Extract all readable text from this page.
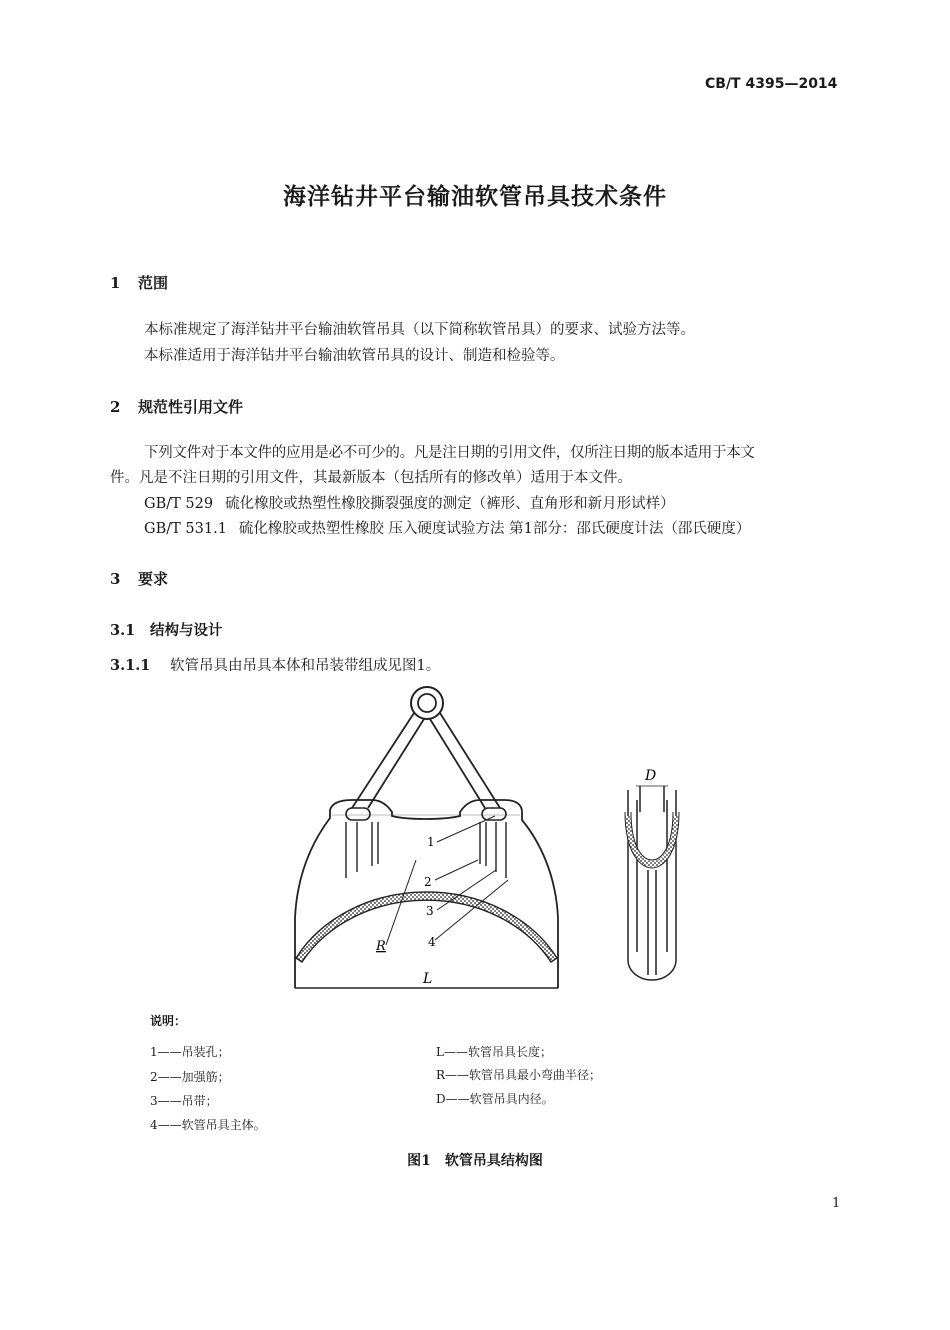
CB/T 4395—2014
海洋钻井平台输油软管吊具技术条件
1 范围
本标准规定了海洋钻井平台输油软管吊具（以下简称软管吊具）的要求、试验方法等。
本标准适用于海洋钻井平台输油软管吊具的设计、制造和检验等。
2 规范性引用文件
下列文件对于本文件的应用是必不可少的。凡是注日期的引用文件，仅所注日期的版本适用于本文
件。凡是不注日期的引用文件，其最新版本（包括所有的修改单）适用于本文件。
GB/T 529 硫化橡胶或热塑性橡胶撕裂强度的测定（裤形、直角形和新月形试样）
GB/T 531.1 硫化橡胶或热塑性橡胶 压入硬度试验方法 第1部分：邵氏硬度计法（邵氏硬度）
3 要求
3.1 结构与设计
3.1.1 软管吊具由吊具本体和吊装带组成见图1。
1
2
3
4
R
L
D
说明：
1——吊装孔；
2——加强筋；
3——吊带；
4——软管吊具主体。
L——软管吊具长度；
R——软管吊具最小弯曲半径；
D——软管吊具内径。
图1 软管吊具结构图
1
